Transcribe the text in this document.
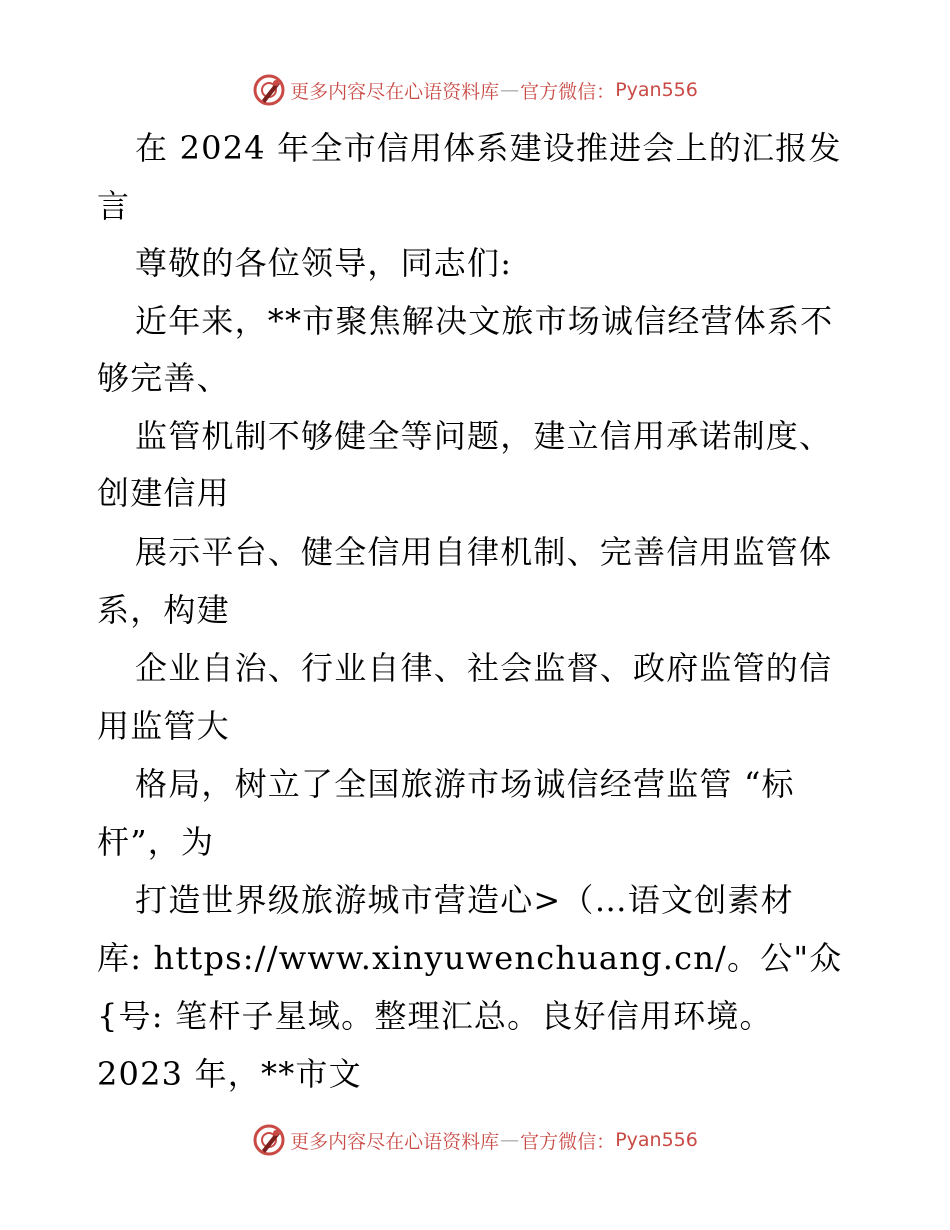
更多内容尽在心语资料库 — 官方微信： Pyan556
在 2024 年全市信用体系建设推进会上的汇报发
言
尊敬的各位领导，同志们:
近年来，**市聚焦解决文旅市场诚信经营体系不
够完善、
监管机制不够健全等问题，建立信用承诺制度、
创建信用
展示平台、健全信用自律机制、完善信用监管体
系，构建
企业自治、行业自律、社会监督、政府监管的信
用监管大
格局，树立了全国旅游市场诚信经营监管 “标
杆”，为
打造世界级旅游城市营造心>（…语文创素材
库: https://www.xinyuwenchuang.cn/。公"众
{号: 笔杆子星域。整理汇总。良好信用环境。
2023 年，**市文
更多内容尽在心语资料库 — 官方微信： Pyan556
